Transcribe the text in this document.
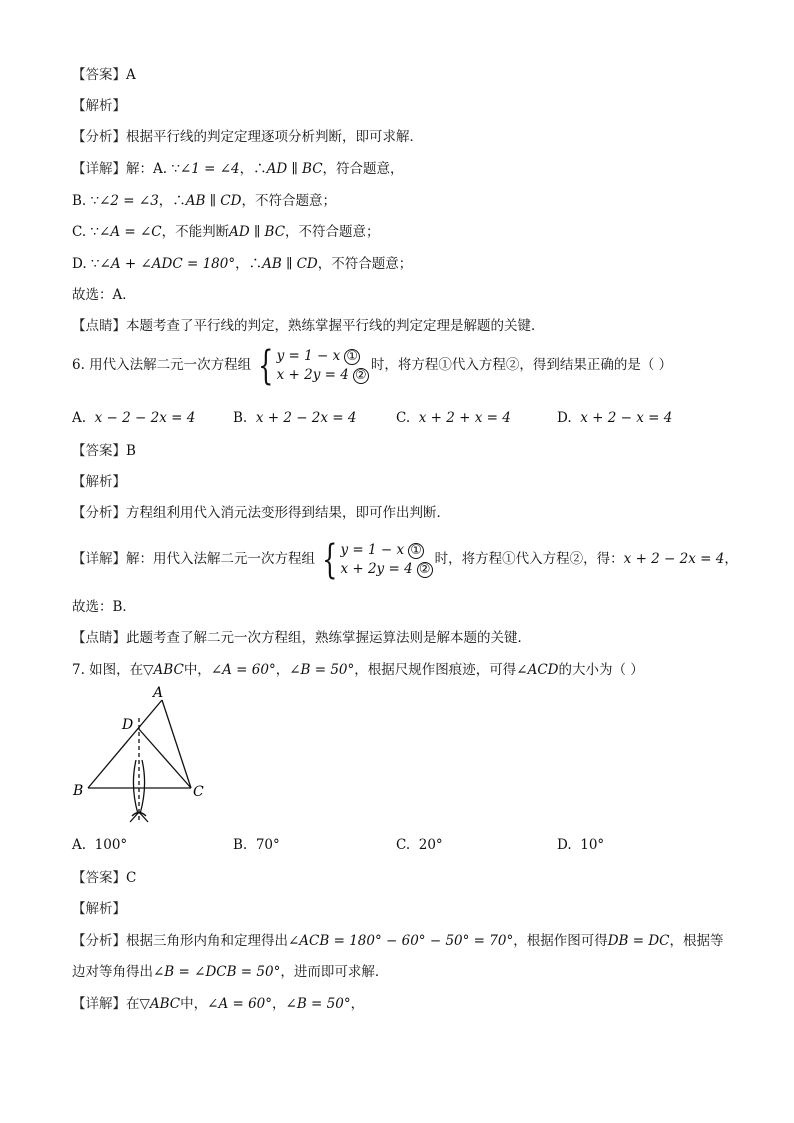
【答案】A
【解析】
【分析】根据平行线的判定定理逐项分析判断，即可求解．
【详解】解：A. ∵∠1 = ∠4，∴AD ∥ BC，符合题意，
B. ∵∠2 = ∠3，∴AB ∥ CD，不符合题意；
C. ∵∠A = ∠C，不能判断AD ∥ BC，不符合题意；
D. ∵∠A + ∠ADC = 180°，∴AB ∥ CD，不符合题意；
故选：A．
【点睛】本题考查了平行线的判定，熟练掌握平行线的判定定理是解题的关键．
6. 用代入法解二元一次方程组 { y = 1 − x ①
x + 2y = 4 ②
时，将方程①代入方程②，得到结果正确的是（ ）
A. x − 2 − 2x = 4	B. x + 2 − 2x = 4	C. x + 2 + x = 4	D. x + 2 − x = 4
【答案】B
【解析】
【分析】方程组利用代入消元法变形得到结果，即可作出判断．
【详解】解：用代入法解二元一次方程组 { y = 1 − x ①
x + 2y = 4 ②
时，将方程①代入方程②，得：x + 2 − 2x = 4，
故选：B．
【点睛】此题考查了解二元一次方程组，熟练掌握运算法则是解本题的关键．
7. 如图，在▽ABC中，∠A = 60°，∠B = 50°，根据尺规作图痕迹，可得∠ACD的大小为（ ）
A
D
B	C
A. 100°	B. 70°	C. 20°	D. 10°
【答案】C
【解析】
【分析】根据三角形内角和定理得出∠ACB = 180° − 60° − 50° = 70°，根据作图可得DB = DC，根据等
边对等角得出∠B = ∠DCB = 50°，进而即可求解．
【详解】在▽ABC中，∠A = 60°，∠B = 50°，
